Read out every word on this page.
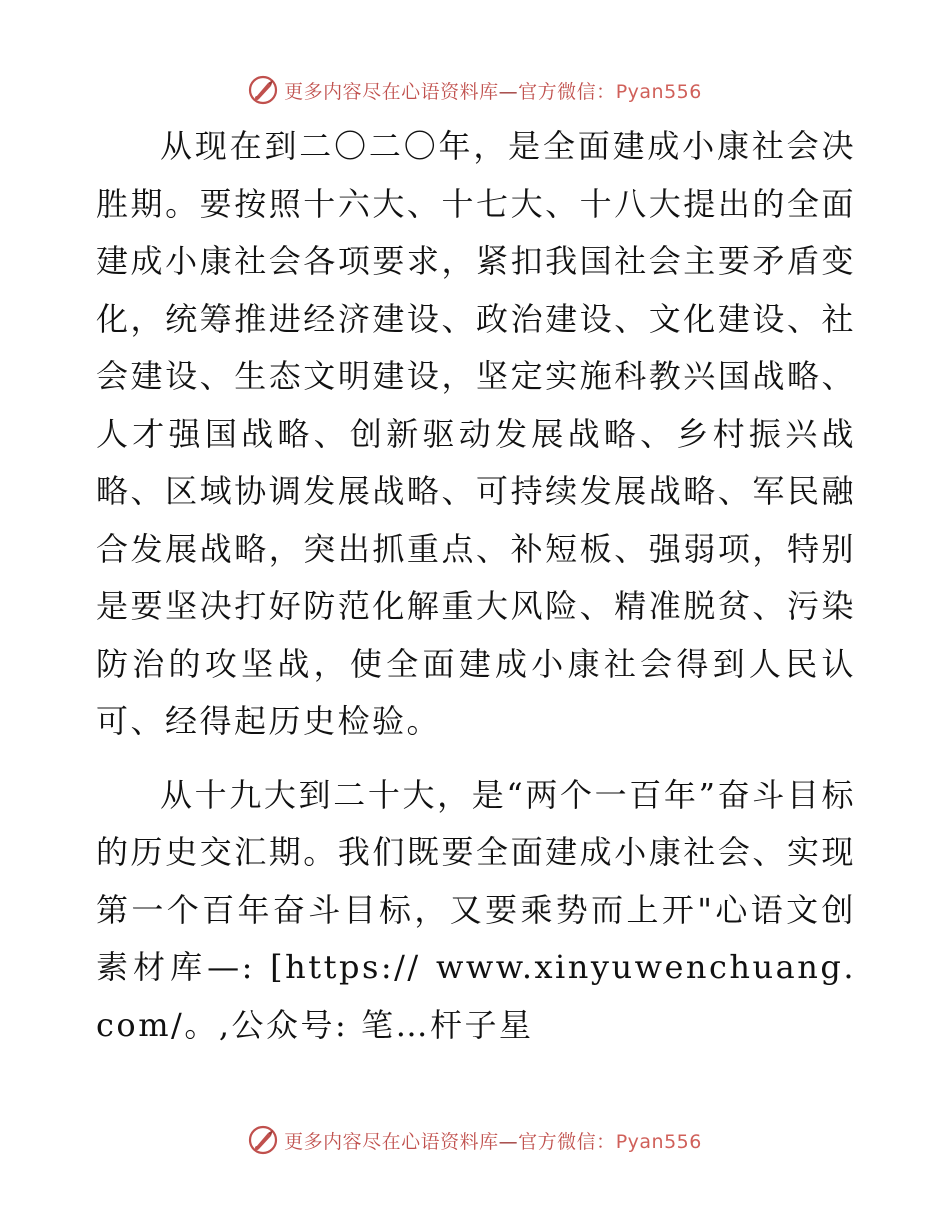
更多内容尽在心语资料库—官方微信：Pyan556

从现在到二〇二〇年，是全面建成小康社会决胜期。要按照十六大、十七大、十八大提出的全面建成小康社会各项要求，紧扣我国社会主要矛盾变化，统筹推进经济建设、政治建设、文化建设、社会建设、生态文明建设，坚定实施科教兴国战略、人才强国战略、创新驱动发展战略、乡村振兴战略、区域协调发展战略、可持续发展战略、军民融合发展战略，突出抓重点、补短板、强弱项，特别是要坚决打好防范化解重大风险、精准脱贫、污染防治的攻坚战，使全面建成小康社会得到人民认可、经得起历史检验。

从十九大到二十大，是“两个一百年”奋斗目标的历史交汇期。我们既要全面建成小康社会、实现第一个百年奋斗目标，又要乘势而上开"心语文创素材库—: [https:// www.xinyuwenchuang.com/。,公众号: 笔…杆子星

更多内容尽在心语资料库—官方微信：Pyan556
